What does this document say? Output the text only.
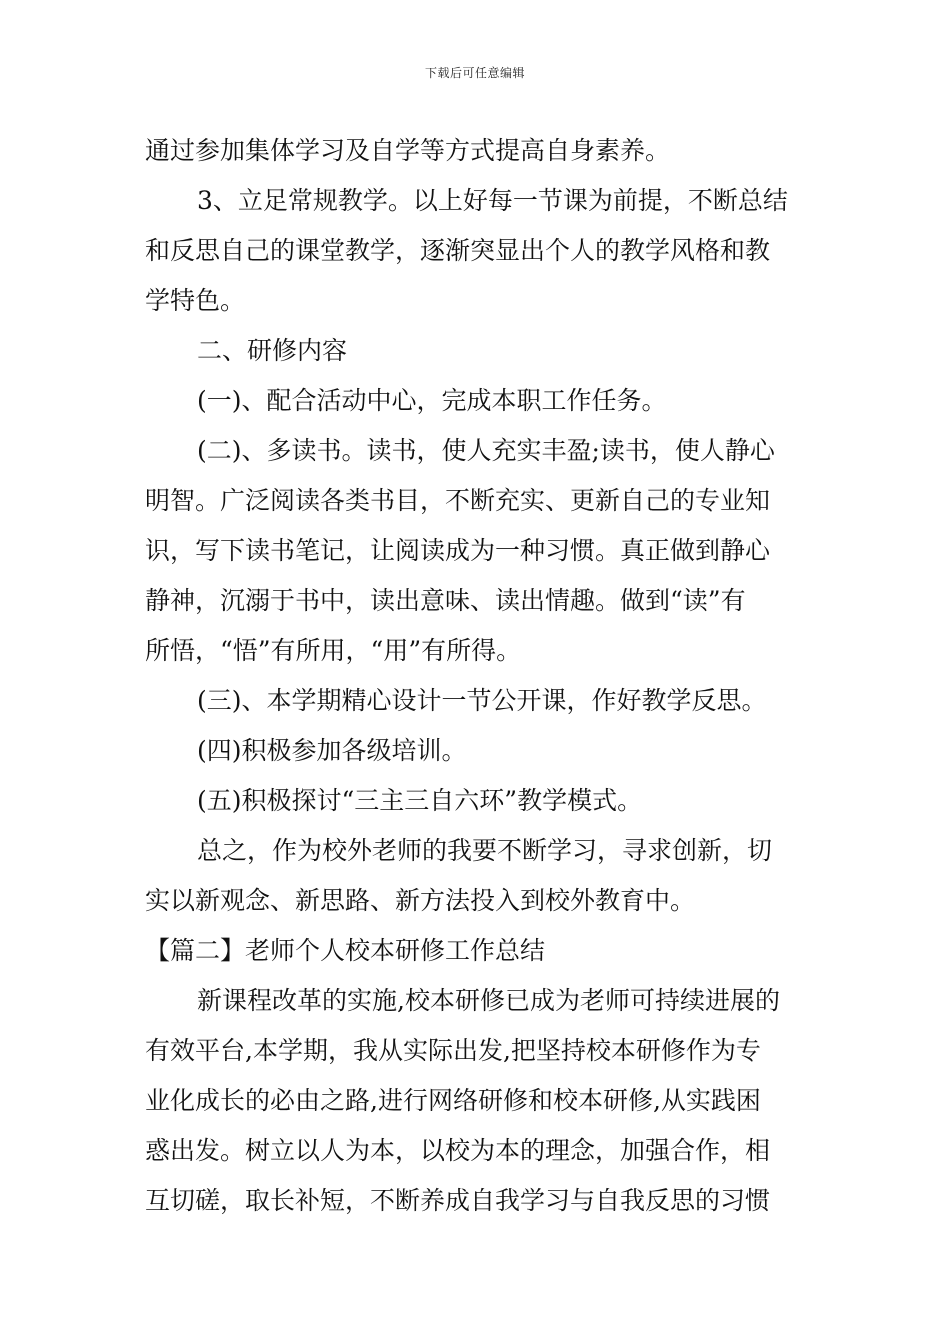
下载后可任意编辑
通过参加集体学习及自学等方式提高自身素养。
3、立足常规教学。以上好每一节课为前提，不断总结
和反思自己的课堂教学，逐渐突显出个人的教学风格和教
学特色。
二、研修内容
(一)、配合活动中心，完成本职工作任务。
(二)、多读书。读书，使人充实丰盈;读书，使人静心
明智。广泛阅读各类书目，不断充实、更新自己的专业知
识，写下读书笔记，让阅读成为一种习惯。真正做到静心
静神，沉溺于书中，读出意味、读出情趣。做到“读”有
所悟，“悟”有所用，“用”有所得。
(三)、本学期精心设计一节公开课，作好教学反思。
(四)积极参加各级培训。
(五)积极探讨“三主三自六环”教学模式。
总之，作为校外老师的我要不断学习，寻求创新，切
实以新观念、新思路、新方法投入到校外教育中。
【篇二】老师个人校本研修工作总结
新课程改革的实施,校本研修已成为老师可持续进展的
有效平台,本学期，我从实际出发,把坚持校本研修作为专
业化成长的必由之路,进行网络研修和校本研修,从实践困
惑出发。树立以人为本，以校为本的理念，加强合作，相
互切磋，取长补短，不断养成自我学习与自我反思的习惯
